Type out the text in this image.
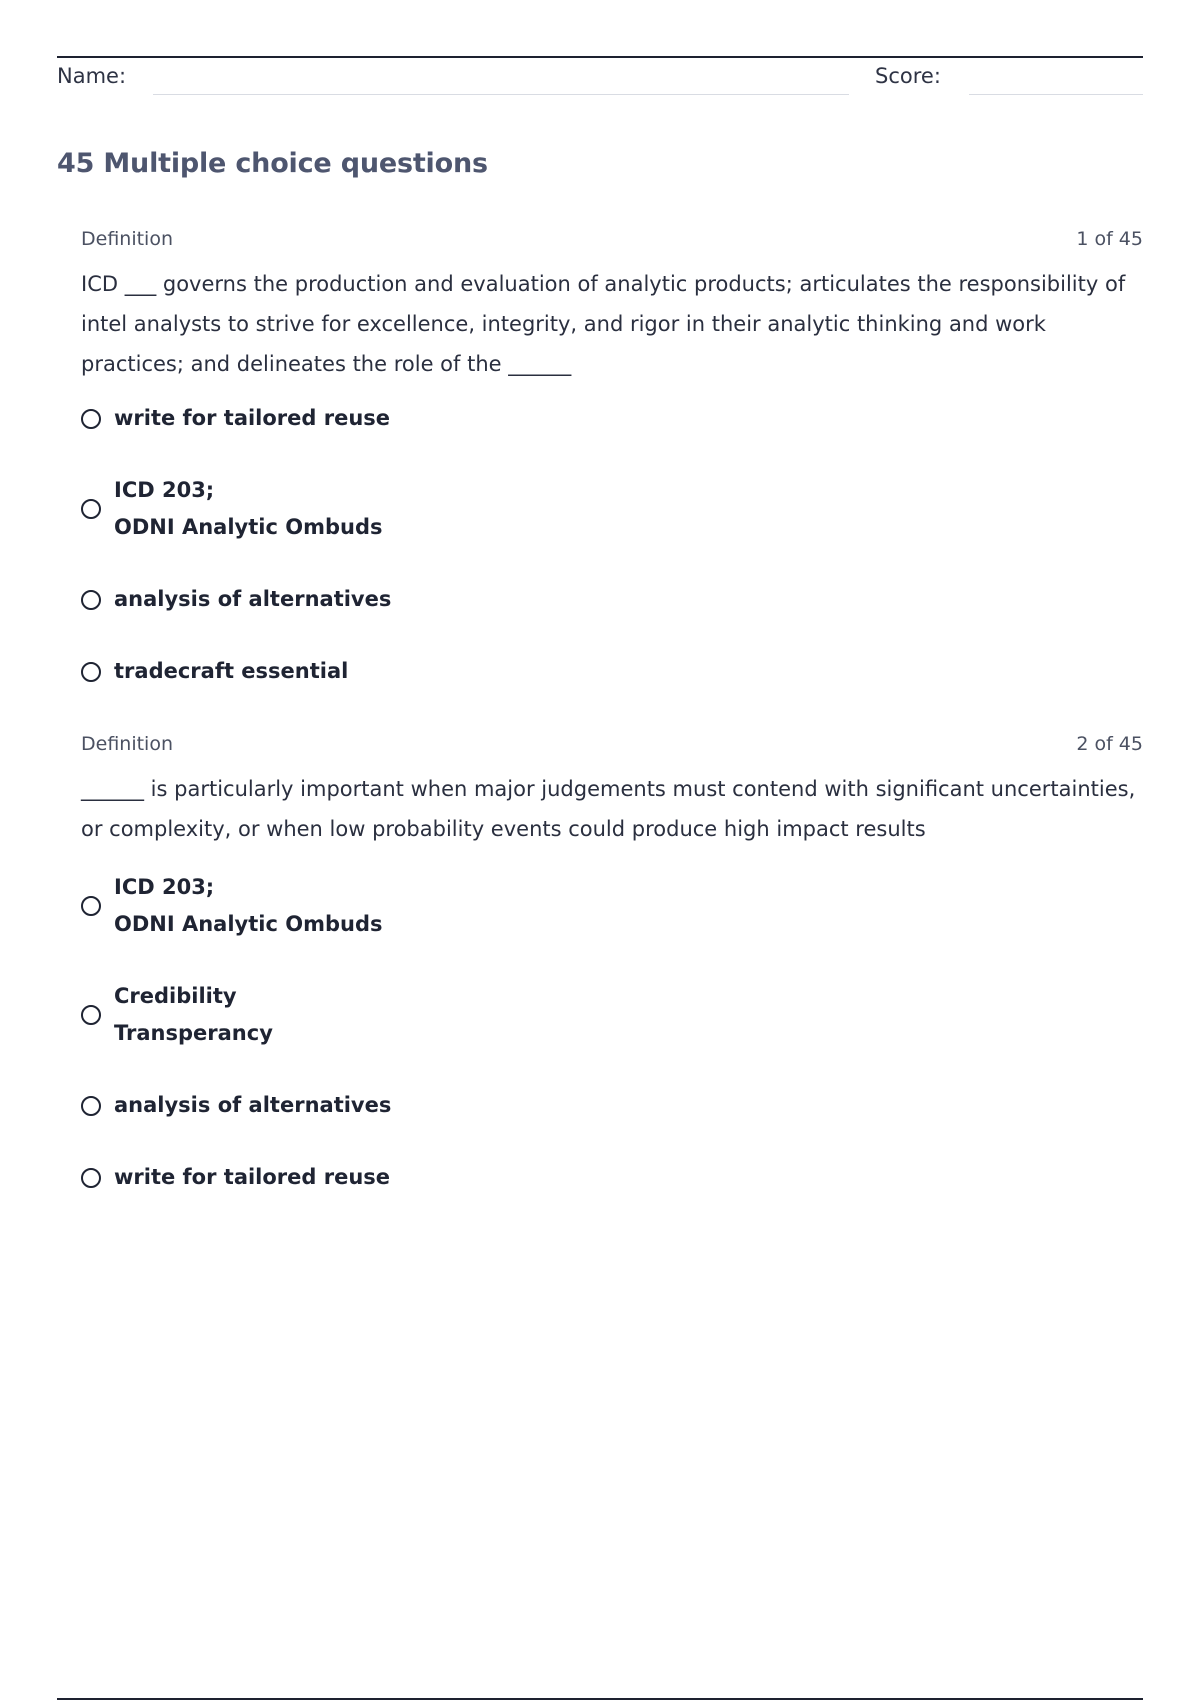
Name:	Score:
45 Multiple choice questions
Definition	1 of 45

ICD ___ governs the production and evaluation of analytic products; articulates the responsibility of intel analysts to strive for excellence, integrity, and rigor in their analytic thinking and work practices; and delineates the role of the ______

write for tailored reuse
ICD 203;
ODNI Analytic Ombuds
analysis of alternatives
tradecraft essential
Definition	2 of 45

______ is particularly important when major judgements must contend with significant uncertainties, or complexity, or when low probability events could produce high impact results

ICD 203;
ODNI Analytic Ombuds
Credibility
Transperancy
analysis of alternatives
write for tailored reuse
